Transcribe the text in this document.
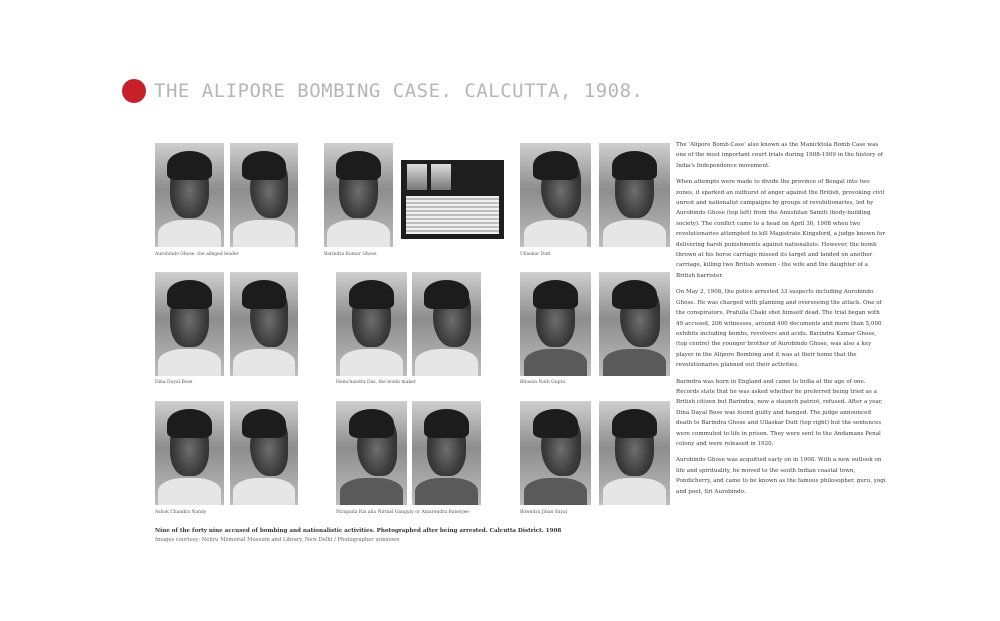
THE ALIPORE BOMBING CASE. CALCUTTA, 1908.
Aurobindo Ghose, the alleged leader	Barindra Kumar Ghose	Ullaskar Dutt
Dina Dayal Bose	Hemchandra Das, the bomb maker	Bhusan Nath Gupta
Ashok Chandra Nandy	Nirapada Rai alia Nirmal Ganguly or Amarendra Banerjee	Birendra Jiban Sayal
Nine of the forty nine accused of bombing and nationalistic activities. Photographed after being arrested. Calcutta District. 1908
Images courtesy: Nehru Memorial Museum and Library, New Delhi / Photographer unknown

The 'Alipore Bomb Case' also known as the Manicktola Bomb Case was one of the most important court trials during 1908-1909 in the history of India's Independence movement.

When attempts were made to divide the province of Bengal into two zones, it sparked an outburst of anger against the British, provoking civil unrest and nationalist campaigns by groups of revolutionaries, led by Aurobindo Ghose (top left) from the Anushilan Samiti (body-building society). The conflict came to a head on April 30, 1908 when two revolutionaries attempted to kill Magistrate Kingsford, a judge known for delivering harsh punishments against nationalists. However, the bomb thrown at his horse carriage missed its target and landed on another carriage, killing two British women - the wife and the daughter of a British barrister.

On May 2, 1908, the police arrested 33 suspects including Aurobindo Ghose. He was charged with planning and overseeing the attack. One of the conspirators, Prafulla Chaki shot himself dead. The trial began with 49 accused, 206 witnesses, around 400 documents and more than 5,000 exhibits including bombs, revolvers and acids. Barindra Kumar Ghose, (top centre) the younger brother of Aurobindo Ghose, was also a key player in the Alipore Bombing and it was at their home that the revolutionaries planned out their activities.

Barindra was born in England and came to India at the age of one. Records state that he was asked whether he preferred being tried as a British citizen but Barindra, now a staunch patriot, refused. After a year, Dina Dayal Bose was found guilty and hanged. The judge announced death to Barindra Ghose and Ullaskar Dutt (top right) but the sentences were commuted to life in prison. They were sent to the Andamans Penal colony and were released in 1920.

Aurobindo Ghose was acquitted early on in 1908. With a new outlook on life and spirituality, he moved to the south Indian coastal town, Pondicherry, and came to be known as the famous philosopher, guru, yogi and poet, Sri Aurobindo.
